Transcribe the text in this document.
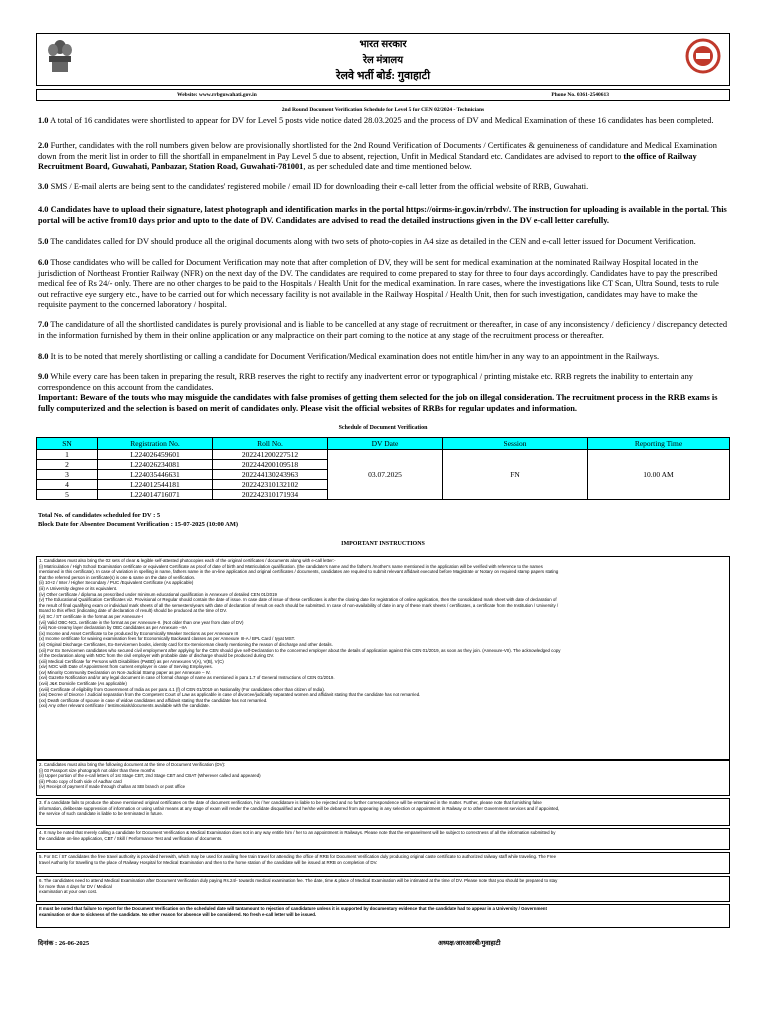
भारत सरकार
रेल मंत्रालय
रेलवे भर्ती बोर्ड: गुवाहाटी
Website: www.rrbguwahati.gov.in	Phone No. 0361-2540613
2nd Round Document Verification Schedule for Level 5 for CEN 02/2024 - Technicians
1.0 A total of 16 candidates were shortlisted to appear for DV for Level 5 posts vide notice dated 28.03.2025 and the process of DV and Medical Examination of these 16 candidates has been completed.
2.0 Further, candidates with the roll numbers given below are provisionally shortlisted for the 2nd Round Verification of Documents / Certificates & genuineness of candidature and Medical Examination down from the merit list in order to fill the shortfall in empanelment in Pay Level 5 due to absent, rejection, Unfit in Medical Standard etc. Candidates are advised to report to the office of Railway Recruitment Board, Guwahati, Panbazar, Station Road, Guwahati-781001, as per scheduled date and time mentioned below.
3.0 SMS / E-mail alerts are being sent to the candidates' registered mobile / email ID for downloading their e-call letter from the official website of RRB, Guwahati.
4.0 Candidates have to upload their signature, latest photograph and identification marks in the portal https://oirms-ir.gov.in/rrbdv/. The instruction for uploading is available in the portal. This portal will be active from10 days prior and upto to the date of DV. Candidates are advised to read the detailed instructions given in the DV e-call letter carefully.
5.0 The candidates called for DV should produce all the original documents along with two sets of photo-copies in A4 size as detailed in the CEN and e-call letter issued for Document Verification.
6.0 Those candidates who will be called for Document Verification may note that after completion of DV, they will be sent for medical examination at the nominated Railway Hospital located in the jurisdiction of Northeast Frontier Railway (NFR) on the next day of the DV. The candidates are required to come prepared to stay for three to four days accordingly. Candidates have to pay the prescribed medical fee of Rs 24/- only. There are no other charges to be paid to the Hospitals / Health Unit for the medical examination. In rare cases, where the investigations like CT Scan, Ultra Sound, tests to rule out refractive eye surgery etc., have to be carried out for which necessary facility is not available in the Railway Hospital / Health Unit, then for such investigation, candidates may have to make the requisite payment to the concerned laboratory / hospital.
7.0 The candidature of all the shortlisted candidates is purely provisional and is liable to be cancelled at any stage of recruitment or thereafter, in case of any inconsistency / deficiency / discrepancy detected in the information furnished by them in their online application or any malpractice on their part coming to the notice at any stage of the recruitment process or thereafter.
8.0 It is to be noted that merely shortlisting or calling a candidate for Document Verification/Medical examination does not entitle him/her in any way to an appointment in the Railways.
9.0 While every care has been taken in preparing the result, RRB reserves the right to rectify any inadvertent error or typographical / printing mistake etc. RRB regrets the inability to entertain any correspondence on this account from the candidates.
Important: Beware of the touts who may misguide the candidates with false promises of getting them selected for the job on illegal consideration. The recruitment process in the RRB exams is fully computerized and the selection is based on merit of candidates only. Please visit the official websites of RRBs for regular updates and information.
Schedule of Document Verification
SN	Registration No.	Roll No.	DV Date	Session	Reporting Time
1	L224026459601	202241200227512	03.07.2025	FN	10.00 AM
2	L224026234081	202244200109518			
3	L224035446631	202244130243963			
4	L224012544181	202242310132102			
5	L224014716071	202242310171934			
Total No. of candidates scheduled for DV : 5
Block Date for Absentee Document Verification : 15-07-2025 (10:00 AM)
IMPORTANT INSTRUCTIONS
1. Candidates must also bring the 02 sets of clear & legible self-attested photocopies each of the original certificates / documents along with e-call letter:-
(i) Matriculation / High School Examination certificate or equivalent Certificate as proof of date of birth and Matriculation qualification. (the candidate's name and the father's /mother's name mentioned in the application will be verified with reference to the names
mentioned in this certificate). In case of variation in spelling in name, fathers name in the on-line application and original certificates / documents, candidates are required to submit relevant affidavit executed before Magistrate or Notary on required stamp papers stating
that the referred person in certificate(s) is one & same on the date of verification.
(ii) 10+2 / Inter / Higher Secondary / PUC /Equivalent Certificate (As applicable)
(iii) A University degree or its equivalent.
(iv) Other certificate / diploma as prescribed under minimum educational qualification in Annexure of detailed CEN 01/2019
(v) The Educational Qualification Certificates viz. Provisional or Regular should contain the date of issue. In case date of issue of these certificates is after the closing date for registration of online application, then the consolidated mark sheet with date of declaration of
the result of final qualifying exam or individual mark sheets of all the semesters/years with date of declaration of result on each should be submitted. In case of non-availability of date in any of these mark sheets / certificates, a certificate from the Institution / University /
Board to this effect (indicating date of declaration of result) should be produced at the time of DV.
(vi) SC / ST certificate in the format as per Annexure-I
(vii) Valid OBC-NCL certificate in the format as per Annexure-II. (Not older than one year from date of DV)
(viii) Non-creamy layer declaration by OBC candidates as per Annexure –IIA
(ix) Income and Asset Certificate to be produced by Economically Weaker Sections as per Annexure III
(x) Income certificate for waiving examination fees for Economically Backward classes as per Annexure III-A / BPL Card / Iyyat MST.
(xi) Original Discharge Certificates, Ex-Servicemen books, identity card for Ex-Serviceman clearly mentioning the reason of discharge and other details.
(xii) For Ex Servicemen candidates who secured civil employment after applying for the CEN should give self-Declaration to the concerned employer about the details of application against this CEN 01/2019, as soon as they join. (Annexure-VII). The acknowledged copy
of the Declaration along with NOC from the civil employer with probable date of discharge should be produced during DV.
(xiii) Medical Certificate for Persons with Disabilities (PwBD) as per Annexures V(A), V(B), V(C)
(xiv) NOC with Date of Appointment from current employer in case of Serving Employees.
(xv) Minority Community Declaration on Non-Judicial Stamp paper as per Annexure – IV.
(xvi) Gazette Notification and/or any legal document in case of formal change of name as mentioned in para 1.7 of General Instructions of CEN 01/2019.
(xvii) J&K Domicile Certificate (As applicable)
(xviii) Certificate of eligibility from Government of India as per para 4.1 (f) of CEN 01/2019 on Nationality (For candidates other than citizen of India).
(xix) Decree of Divorce / Judicial separation from the Competent Court of Law as applicable in case of divorcee/judicially separated women and affidavit stating that the candidate has not remarried.
(xx) Death certificate of spouse in case of widow candidates and affidavit stating that the candidate has not remarried.
(xxi) Any other relevant certificate / testimonials/documents available with the candidate.
2. Candidates must also bring the following document at the time of Document Verification (DV):
(i) 03 Passport size photograph not older than three months
(ii) Upper portion of the e-call letters of 1st Stage CBT, 2nd Stage CBT and CBAT (Wherever called and appeared)
(iii) Photo copy of both side of Aadhar card
(iv) Receipt of payment if made through challan at SBI branch or post office
3. If a candidate fails to produce the above mentioned original certificates on the date of document verification, his / her candidature is liable to be rejected and no further correspondence will be entertained in the matter. Further, please note that furnishing false
information, deliberate suppression of information or using unfair means at any stage of exam will render the candidate disqualified and he/she will be debarred from appearing in any selection or appointment in Railway or to other Government services and if appointed,
the service of such candidate is liable to be terminated in future.
4. It may be noted that merely calling a candidate for Document Verification & Medical Examination does not in any way entitle him / her to an appointment in Railways. Please note that the empanelment will be subject to correctness of all the information submitted by
the candidate on-line application, CBT / Skill / Performance Test and verification of documents.
5. For SC / ST candidates the free travel authority is provided herewith, which may be used for availing free train travel for attending the office of RRB for Document Verification duly producing original caste certificate to authorized railway staff while traveling. The Free
travel Authority for travelling to the place of Railway Hospital for Medical Examination and then to the home station of the candidate will be issued at RRB on completion of DV.
6. The candidates need to attend Medical Examination after Document Verification duly paying Rs.24/- towards medical examination fee. The date, time & place of Medical Examination will be intimated at the time of DV. Please note that you should be prepared to stay
for more than 4 days for DV / Medical
examination at your own cost.
It must be noted that failure to report for the Document Verification on the scheduled date will tantamount to rejection of candidature unless it is supported by documentary evidence that the candidate had to appear in a University / Government
examination or due to sickness of the candidate. No other reason for absence will be considered. No fresh e-call letter will be issued.
दिनांक : 26-06-2025	अध्यक्ष/आरआरबी/गुवाहाटी
